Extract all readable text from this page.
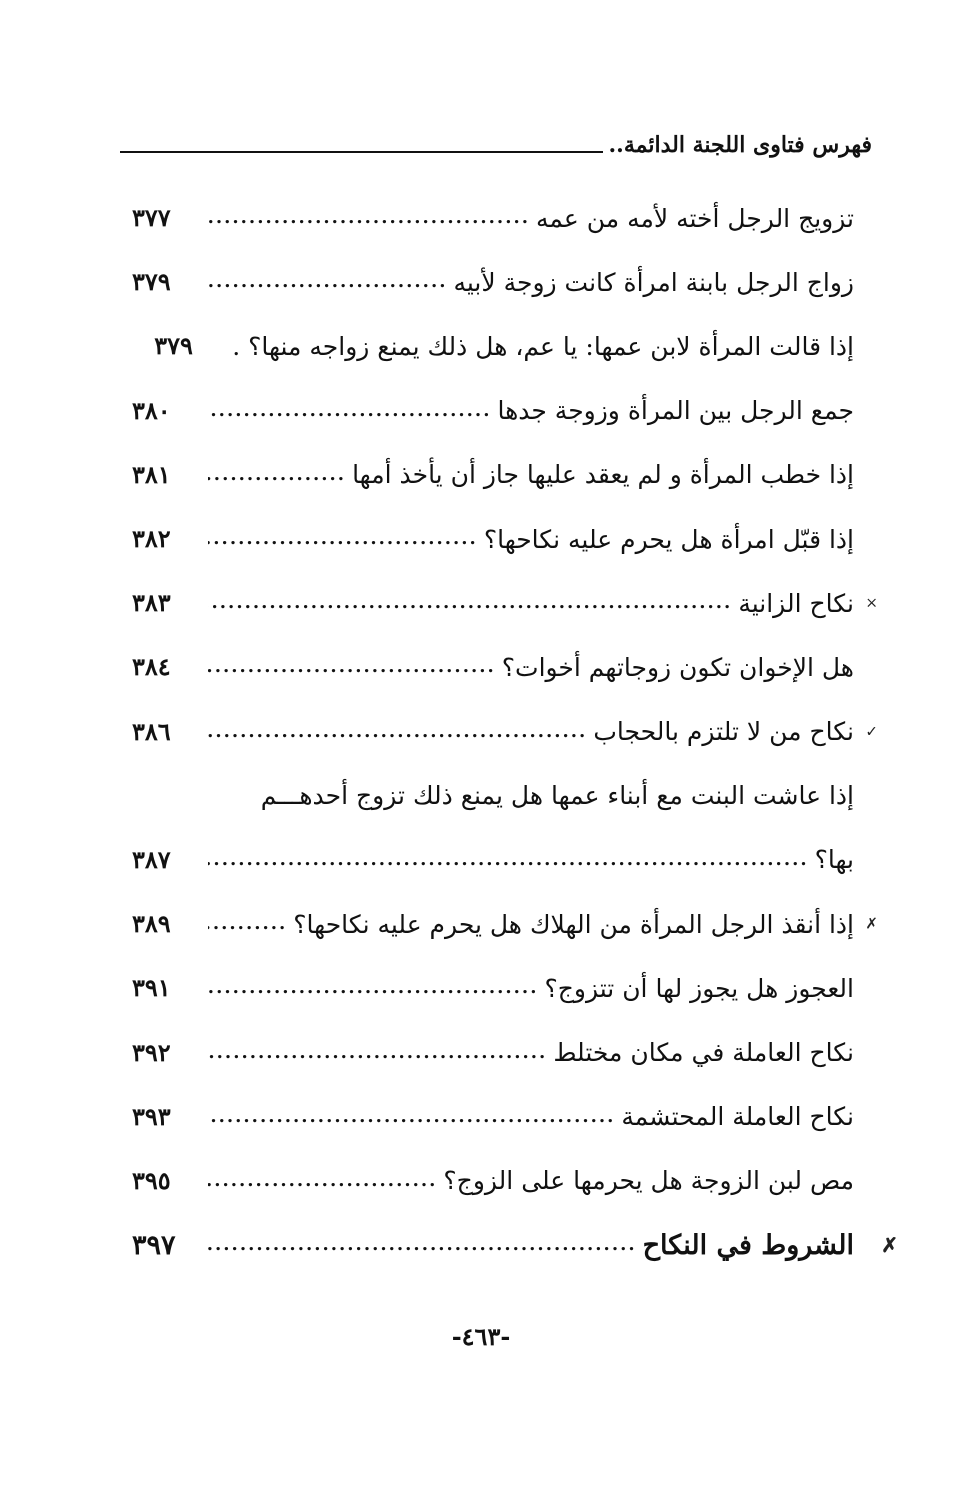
فهرس فتاوى اللجنة الدائمة..
تزويج الرجل أخته لأمه من عمه
.....
٣٧٧
زواج الرجل بابنة امرأة كانت زوجة لأبيه
.....
٣٧٩
إذا قالت المرأة لابن عمها: يا عم، هل ذلك يمنع زواجه منها؟ .
٣٧٩
جمع الرجل بين المرأة وزوجة جدها
.....
٣٨٠
إذا خطب المرأة و لم يعقد عليها جاز أن يأخذ أمها
.....
٣٨١
إذا قبّل امرأة هل يحرم عليه نكاحها؟
.....
٣٨٢
×
نكاح الزانية
.....
٣٨٣
هل الإخوان تكون زوجاتهم أخوات؟
.....
٣٨٤
✓
نكاح من لا تلتزم بالحجاب
.....
٣٨٦
إذا عاشت البنت مع أبناء عمها هل يمنع ذلك تزوج أحدهـــم
بها؟
.....
٣٨٧
✗
إذا أنقذ الرجل المرأة من الهلاك هل يحرم عليه نكاحها؟
.....
٣٨٩
العجوز هل يجوز لها أن تتزوج؟
.....
٣٩١
نكاح العاملة في مكان مختلط
.....
٣٩٢
نكاح العاملة المحتشمة
.....
٣٩٣
مص لبن الزوجة هل يحرمها على الزوج؟
.....
٣٩٥
✗
الشروط في النكاح
.....
٣٩٧
-٤٦٣-
